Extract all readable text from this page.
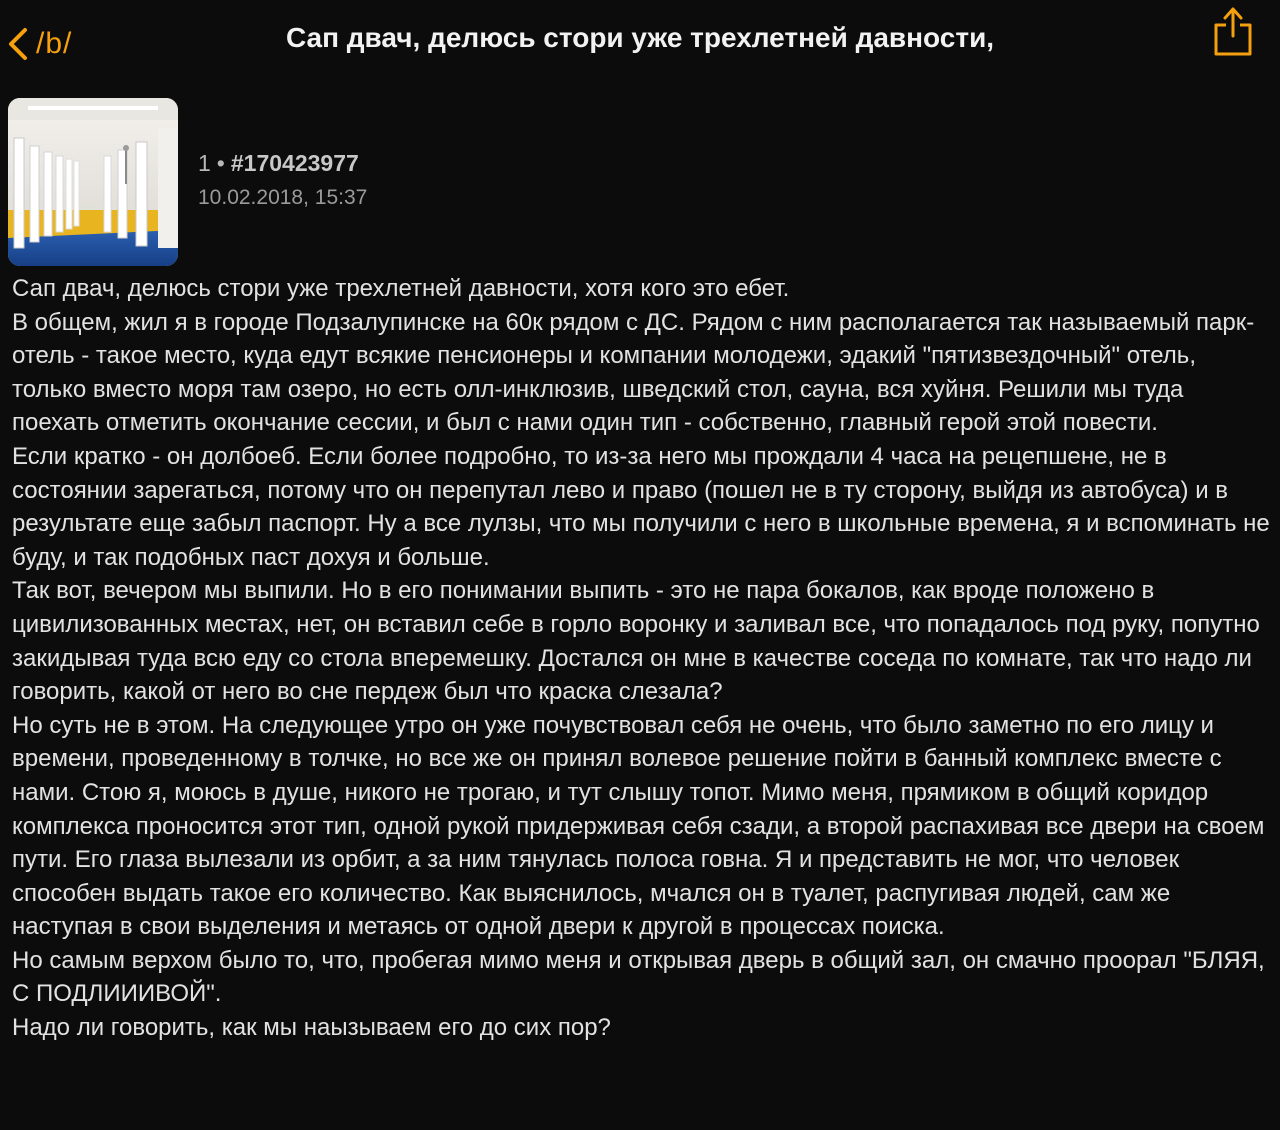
/b/	Сап двач, делюсь стори уже трехлетней давности,
1 • #170423977
10.02.2018, 15:37

Сап двач, делюсь стори уже трехлетней давности, хотя кого это ебет.

В общем, жил я в городе Подзалупинске на 60к рядом с ДС. Рядом с ним располагается так называемый парк-отель - такое место, куда едут всякие пенсионеры и компании молодежи, эдакий "пятизвездочный" отель, только вместо моря там озеро, но есть олл-инклюзив, шведский стол, сауна, вся хуйня. Решили мы туда поехать отметить окончание сессии, и был с нами один тип - собственно, главный герой этой повести.

Если кратко - он долбоеб. Если более подробно, то из-за него мы прождали 4 часа на рецепшене, не в состоянии зарегаться, потому что он перепутал лево и право (пошел не в ту сторону, выйдя из автобуса) и в результате еще забыл паспорт. Ну а все лулзы, что мы получили с него в школьные времена, я и вспоминать не буду, и так подобных паст дохуя и больше.

Так вот, вечером мы выпили. Но в его понимании выпить - это не пара бокалов, как вроде положено в цивилизованных местах, нет, он вставил себе в горло воронку и заливал все, что попадалось под руку, попутно закидывая туда всю еду со стола вперемешку. Достался он мне в качестве соседа по комнате, так что надо ли говорить, какой от него во сне пердеж был что краска слезала?

Но суть не в этом. На следующее утро он уже почувствовал себя не очень, что было заметно по его лицу и времени, проведенному в толчке, но все же он принял волевое решение пойти в банный комплекс вместе с нами. Стою я, моюсь в душе, никого не трогаю, и тут слышу топот. Мимо меня, прямиком в общий коридор комплекса проносится этот тип, одной рукой придерживая себя сзади, а второй распахивая все двери на своем пути. Его глаза вылезали из орбит, а за ним тянулась полоса говна. Я и представить не мог, что человек способен выдать такое его количество. Как выяснилось, мчался он в туалет, распугивая людей, сам же наступая в свои выделения и метаясь от одной двери к другой в процессах поиска.

Но самым верхом было то, что, пробегая мимо меня и открывая дверь в общий зал, он смачно проорал "БЛЯЯ, С ПОДЛИИИВОЙ".

Надо ли говорить, как мы наызываем его до сих пор?
